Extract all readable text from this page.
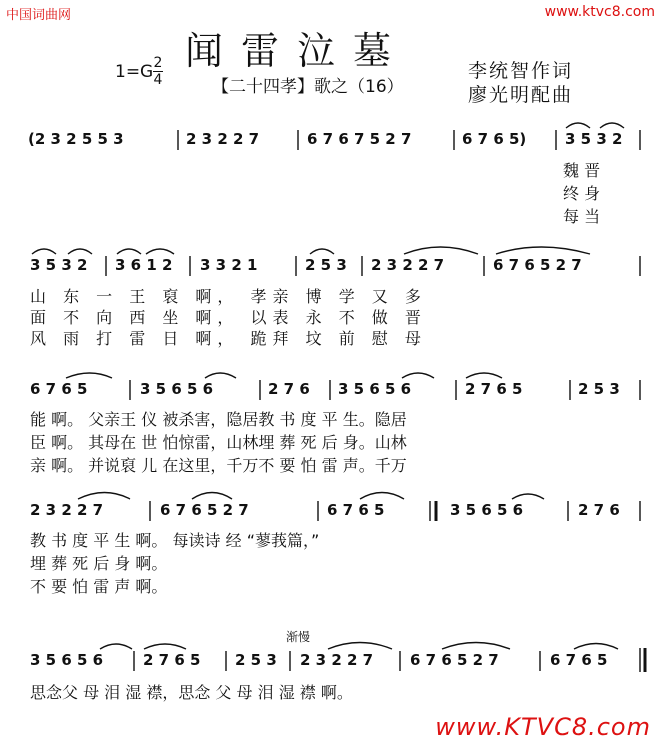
中国词曲网	www.ktvc8.com
闻雷泣墓
1=G 2
4	【二十四孝】歌之（16）
李统智作词
廖光明配曲
(2 3 2 5 5 3	2 3 2 2 7	6 7 6 7 5 2 7	6 7 6 5)	3 5 3 2
魏 晋
终 身
每 当
3 5 3 2 3 6 1 2 3 3 2 1	2 5 3 2 3 2 2 7	6 7 6 5 2 7
山 东 一 王 裒 啊， 孝亲 博 学 又 多
面 不 向 西 坐 啊， 以表 永 不 做 晋
风 雨 打 雷 日 啊， 跪拜 坟 前 慰 母
6 7 6 5	3 5 6 5 6	2 7 6 3 5 6 5 6	2 7 6 5	2 5 3
能 啊。 父亲王 仪 被杀害，隐居教 书 度 平 生。隐居
臣 啊。 其母在 世 怕惊雷，山林埋 葬 死 后 身。山林
亲 啊。 并说裒 儿 在这里，千万不 要 怕 雷 声。千万
2 3 2 2 7	6 7 6 5 2 7	6 7 6 5	3 5 6 5 6	2 7 6
教 书 度 平 生 啊。 每读诗 经 “蓼莪篇，”
埋 葬 死 后 身 啊。
不 要 怕 雷 声 啊。
渐慢
3 5 6 5 6	2 7 6 5 2 5 3 2 3 2 2 7 6 7 6 5 2 7	6 7 6 5
思念父 母 泪 湿 襟，思念 父 母 泪 湿 襟 啊。
www.KTVC8.com
